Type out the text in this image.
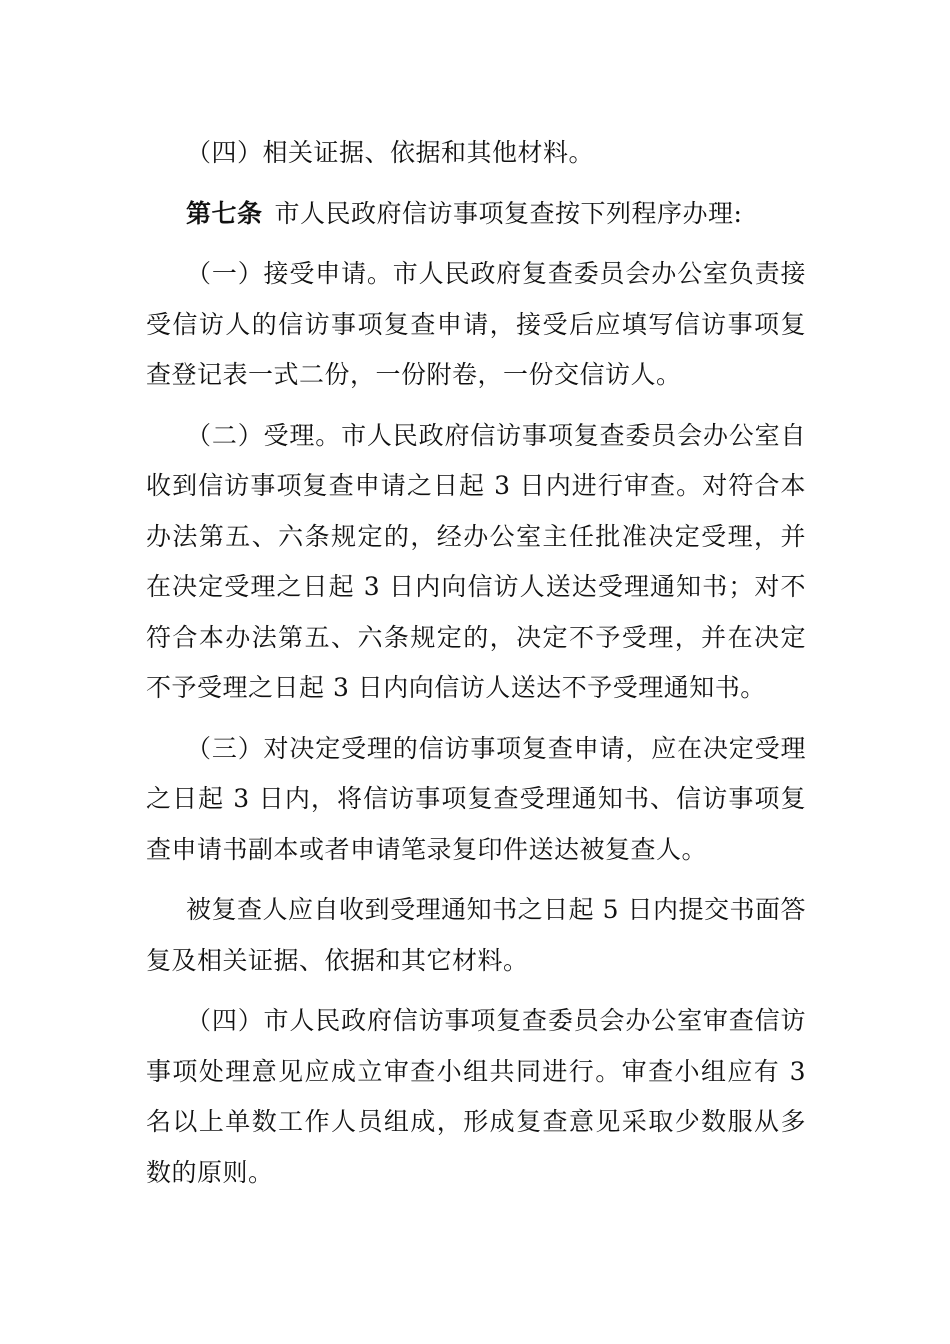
（四）相关证据、依据和其他材料。

第七条 市人民政府信访事项复查按下列程序办理:

（一）接受申请。市人民政府复查委员会办公室负责接受信访人的信访事项复查申请，接受后应填写信访事项复查登记表一式二份，一份附卷，一份交信访人。

（二）受理。市人民政府信访事项复查委员会办公室自收到信访事项复查申请之日起 3 日内进行审查。对符合本办法第五、六条规定的，经办公室主任批准决定受理，并在决定受理之日起 3 日内向信访人送达受理通知书；对不符合本办法第五、六条规定的，决定不予受理，并在决定不予受理之日起 3 日内向信访人送达不予受理通知书。

（三）对决定受理的信访事项复查申请，应在决定受理之日起 3 日内，将信访事项复查受理通知书、信访事项复查申请书副本或者申请笔录复印件送达被复查人。

被复查人应自收到受理通知书之日起 5 日内提交书面答复及相关证据、依据和其它材料。

（四）市人民政府信访事项复查委员会办公室审查信访事项处理意见应成立审查小组共同进行。审查小组应有 3 名以上单数工作人员组成，形成复查意见采取少数服从多数的原则。
